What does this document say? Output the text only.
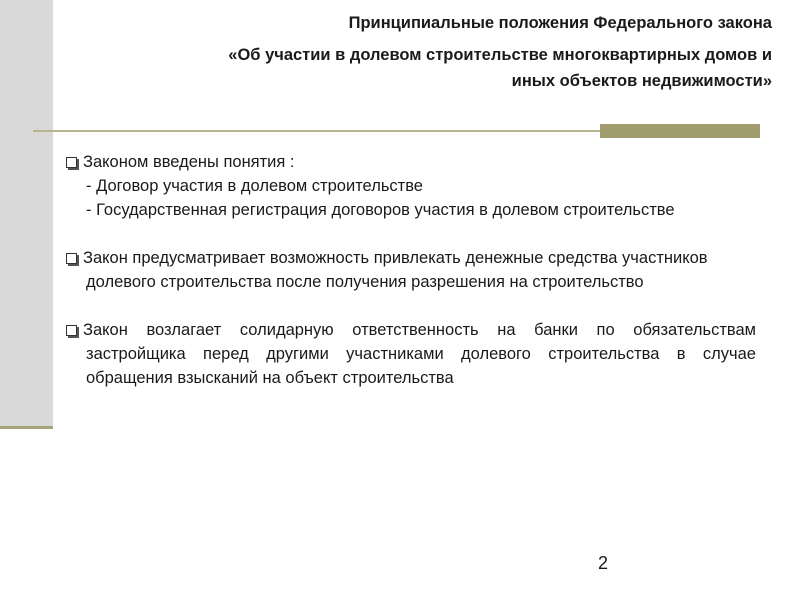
Принципиальные положения Федерального закона
«Об участии в долевом строительстве многоквартирных домов и
иных объектов недвижимости»
Законом введены понятия :
- Договор участия в долевом строительстве
- Государственная регистрация договоров участия в долевом строительстве
Закон предусматривает возможность привлекать денежные средства участников долевого строительства после получения разрешения на строительство
Закон возлагает солидарную ответственность на банки по обязательствам застройщика перед другими участниками долевого строительства в случае обращения взысканий на объект строительства
2
